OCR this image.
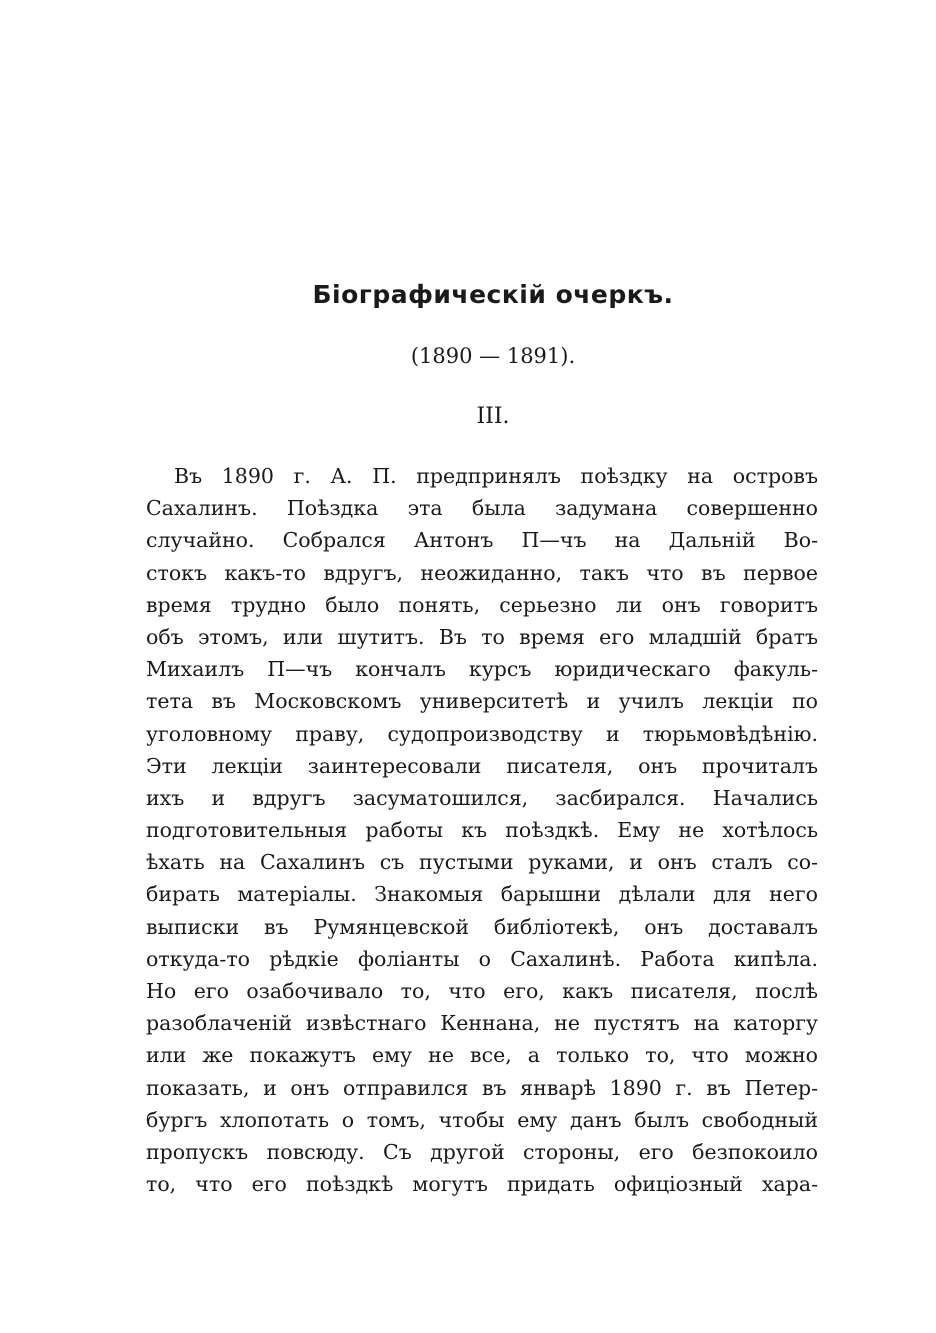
Біографическій очеркъ.
(1890 — 1891).
III.
Въ 1890 г. А. П. предпринялъ поѣздку на островъ
Сахалинъ. Поѣздка эта была задумана совершенно
случайно. Собрался Антонъ П—чъ на Дальній Во-
стокъ какъ-то вдругъ, неожиданно, такъ что въ первое
время трудно было понять, серьезно ли онъ говоритъ
объ этомъ, или шутитъ. Въ то время его младшій братъ
Михаилъ П—чъ кончалъ курсъ юридическаго факуль-
тета въ Московскомъ университетѣ и училъ лекціи по
уголовному праву, судопроизводству и тюрьмовѣдѣнію.
Эти лекціи заинтересовали писателя, онъ прочиталъ
ихъ и вдругъ засуматошился, засбирался. Начались
подготовительныя работы къ поѣздкѣ. Ему не хотѣлось
ѣхать на Сахалинъ съ пустыми руками, и онъ сталъ со-
бирать матеріалы. Знакомыя барышни дѣлали для него
выписки въ Румянцевской библіотекѣ, онъ доставалъ
откуда-то рѣдкіе фоліанты о Сахалинѣ. Работа кипѣла.
Но его озабочивало то, что его, какъ писателя, послѣ
разоблаченій извѣстнаго Кеннана, не пустятъ на каторгу
или же покажутъ ему не все, а только то, что можно
показать, и онъ отправился въ январѣ 1890 г. въ Петер-
бургъ хлопотать о томъ, чтобы ему данъ былъ свободный
пропускъ повсюду. Съ другой стороны, его безпокоило
то, что его поѣздкѣ могутъ придать офиціозный хара-
